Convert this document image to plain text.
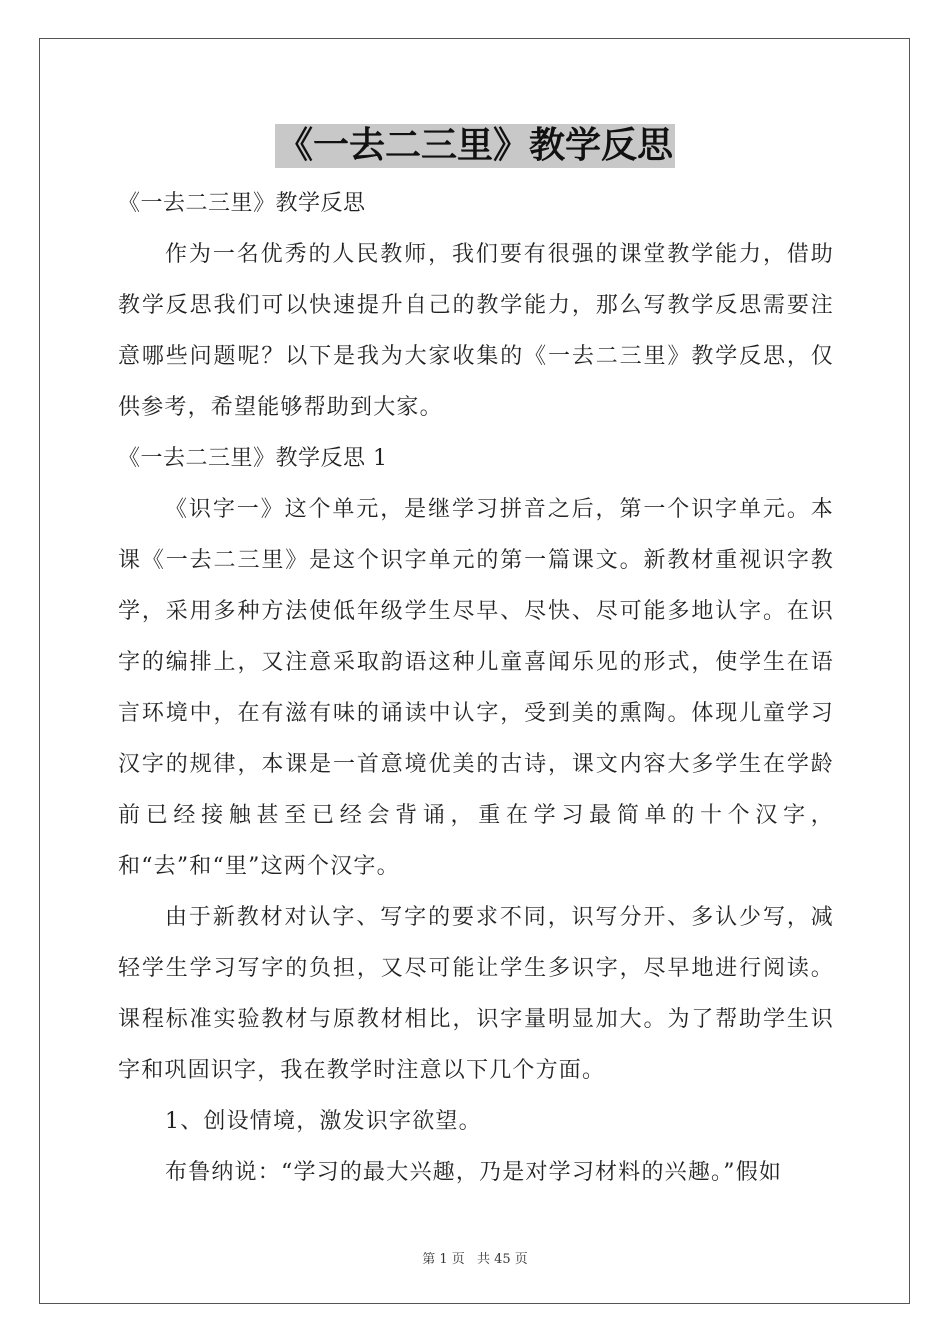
《一去二三里》教学反思

《一去二三里》教学反思

作为一名优秀的人民教师，我们要有很强的课堂教学能力，借助教学反思我们可以快速提升自己的教学能力，那么写教学反思需要注意哪些问题呢？以下是我为大家收集的《一去二三里》教学反思，仅供参考，希望能够帮助到大家。

《一去二三里》教学反思 1

《识字一》这个单元，是继学习拼音之后，第一个识字单元。本课《一去二三里》是这个识字单元的第一篇课文。新教材重视识字教学，采用多种方法使低年级学生尽早、尽快、尽可能多地认字。在识字的编排上，又注意采取韵语这种儿童喜闻乐见的形式，使学生在语言环境中，在有滋有味的诵读中认字，受到美的熏陶。体现儿童学习汉字的规律，本课是一首意境优美的古诗，课文内容大多学生在学龄前已经接触甚至已经会背诵，重在学习最简单的十个汉字，和“去”和“里”这两个汉字。

由于新教材对认字、写字的要求不同，识写分开、多认少写，减轻学生学习写字的负担，又尽可能让学生多识字，尽早地进行阅读。课程标准实验教材与原教材相比，识字量明显加大。为了帮助学生识字和巩固识字，我在教学时注意以下几个方面。

1、创设情境，激发识字欲望。

布鲁纳说：“学习的最大兴趣，乃是对学习材料的兴趣。”假如

第 1 页 共 45 页
